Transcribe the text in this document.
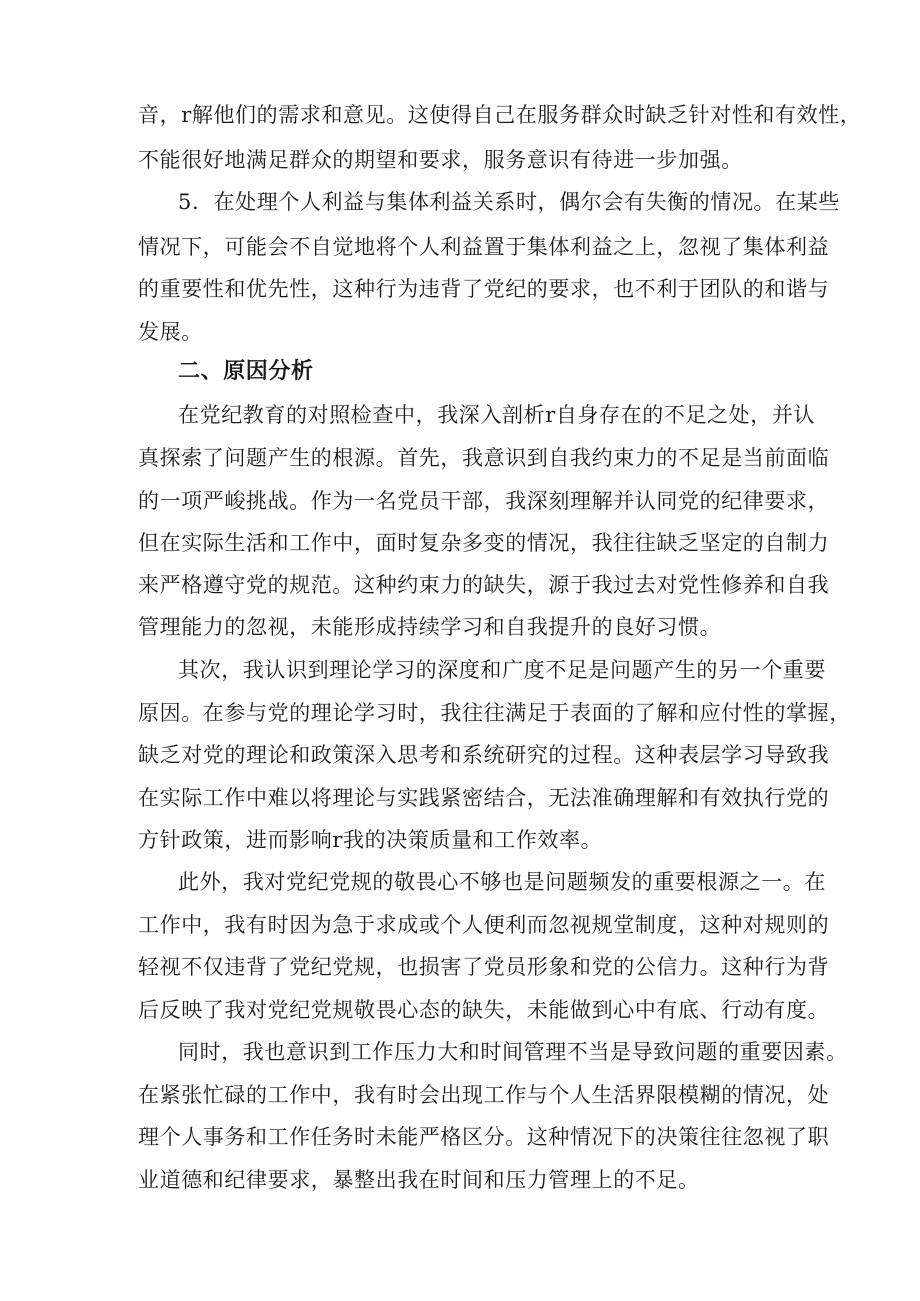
音，r解他们的需求和意见。这使得自己在服务群众时缺乏针对性和有效性，
不能很好地满足群众的期望和要求，服务意识有待进一步加强。
5．在处理个人利益与集体利益关系时，偶尔会有失衡的情况。在某些
情况下，可能会不自觉地将个人利益置于集体利益之上，忽视了集体利益
的重要性和优先性，这种行为违背了党纪的要求，也不利于团队的和谐与
发展。
二、原因分析
在党纪教育的对照检查中，我深入剖析r自身存在的不足之处，并认
真探索了问题产生的根源。首先，我意识到自我约束力的不足是当前面临
的一项严峻挑战。作为一名党员干部，我深刻理解并认同党的纪律要求，
但在实际生活和工作中，面时复杂多变的情况，我往往缺乏坚定的自制力
来严格遵守党的规范。这种约束力的缺失，源于我过去对党性修养和自我
管理能力的忽视，未能形成持续学习和自我提升的良好习惯。
其次，我认识到理论学习的深度和广度不足是问题产生的另一个重要
原因。在参与党的理论学习时，我往往满足于表面的了解和应付性的掌握，
缺乏对党的理论和政策深入思考和系统研究的过程。这种表层学习导致我
在实际工作中难以将理论与实践紧密结合，无法准确理解和有效执行党的
方针政策，进而影响r我的决策质量和工作效率。
此外，我对党纪党规的敬畏心不够也是问题频发的重要根源之一。在
工作中，我有时因为急于求成或个人便利而忽视规堂制度，这种对规则的
轻视不仅违背了党纪党规，也损害了党员形象和党的公信力。这种行为背
后反映了我对党纪党规敬畏心态的缺失，未能做到心中有底、行动有度。
同时，我也意识到工作压力大和时间管理不当是导致问题的重要因素。
在紧张忙碌的工作中，我有时会出现工作与个人生活界限模糊的情况，处
理个人事务和工作任务时未能严格区分。这种情况下的决策往往忽视了职
业道德和纪律要求，暴整出我在时间和压力管理上的不足。
